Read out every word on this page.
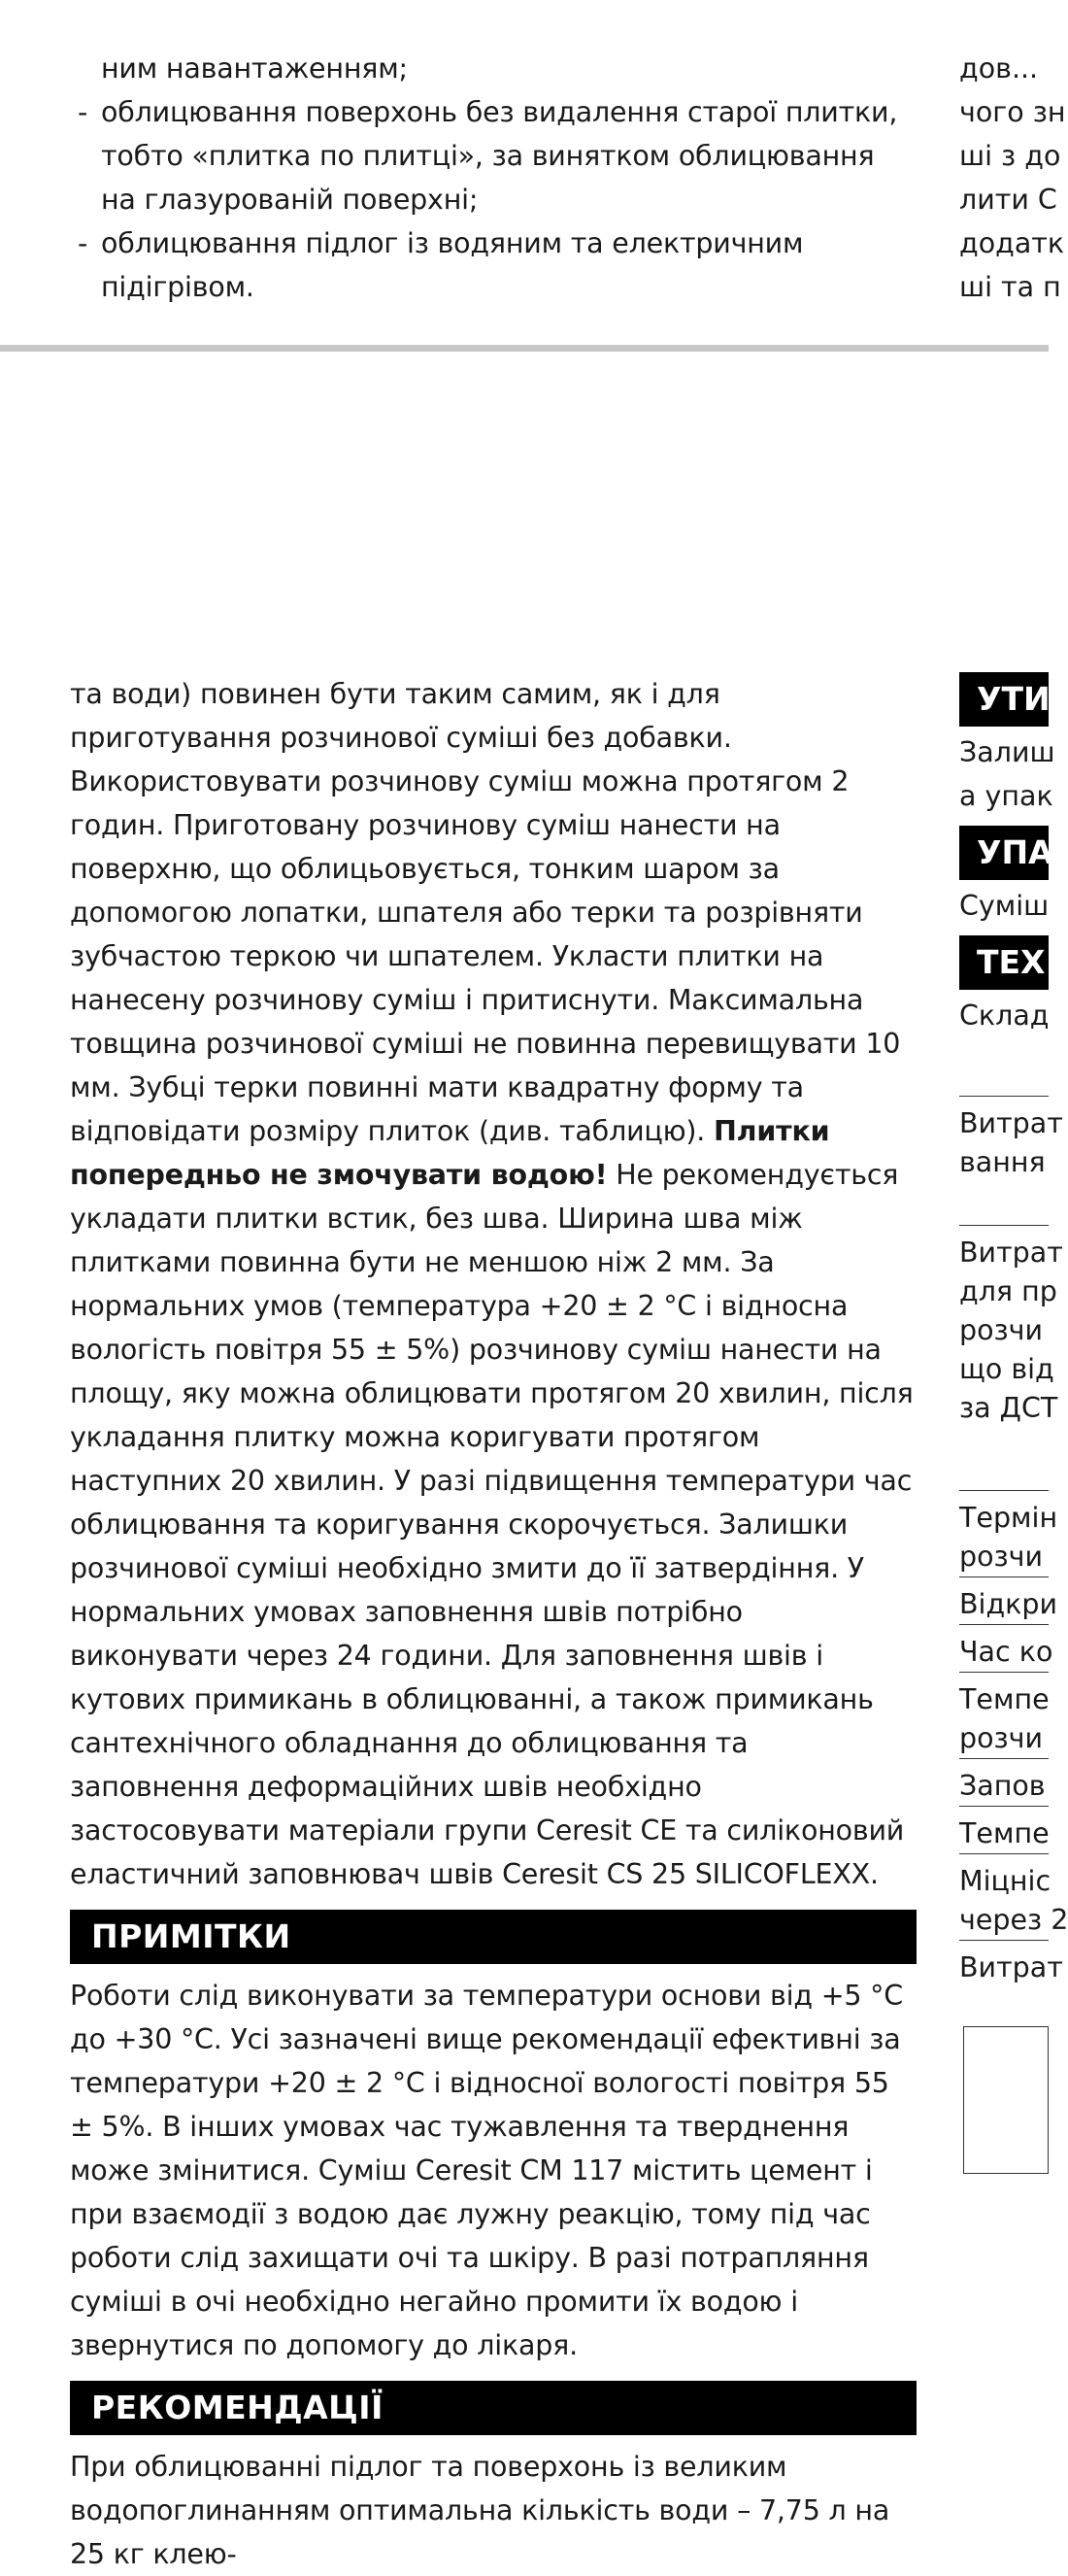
ним навантаженням;
- облицювання поверхонь без видалення старої плитки, тобто «плитка по плитці», за винятком облицювання на глазурованій поверхні;
- облицювання підлог із водяним та електричним підігрівом.
дов...
чого зн
ші з до
лити С
додатк
ші та п

та води) повинен бути таким самим, як і для приготування розчинової суміші без добавки. Використовувати розчинову суміш можна протягом 2 годин. Приготовану розчинову суміш нанести на поверхню, що облицьовується, тонким шаром за допомогою лопатки, шпателя або терки та розрівняти зубчастою теркою чи шпателем. Укласти плитки на нанесену розчинову суміш і притиснути. Максимальна товщина розчинової суміші не повинна перевищувати 10 мм. Зубці терки повинні мати квадратну форму та відповідати розміру плиток (див. таблицю). Плитки попередньо не змочувати водою! Не рекомендується укладати плитки встик, без шва. Ширина шва між плитками повинна бути не меншою ніж 2 мм. За нормальних умов (температура +20 ± 2 °C і відносна вологість повітря 55 ± 5%) розчинову суміш нанести на площу, яку можна облицювати протягом 20 хвилин, після укладання плитку можна коригувати протягом наступних 20 хвилин. У разі підвищення температури час облицювання та коригування скорочується. Залишки розчинової суміші необхідно змити до її затвердіння. У нормальних умовах заповнення швів потрібно виконувати через 24 години. Для заповнення швів і кутових примикань в облицюванні, а також примикань сантехнічного обладнання до облицювання та заповнення деформаційних швів необхідно застосовувати матеріали групи Ceresit CE та силіконовий еластичний заповнювач швів Ceresit CS 25 SILICOFLEXX.

ПРИМІТКИ

Роботи слід виконувати за температури основи від +5 °C до +30 °C. Усі зазначені вище рекомендації ефективні за температури +20 ± 2 °C і відносної вологості повітря 55 ± 5%. В інших умовах час тужавлення та тверднення може змінитися. Суміш Ceresit CM 117 містить цемент і при взаємодії з водою дає лужну реакцію, тому під час роботи слід захищати очі та шкіру. В разі потрапляння суміші в очі необхідно негайно промити їх водою і звернутися по допомогу до лікаря.

РЕКОМЕНДАЦІЇ

При облицюванні підлог та поверхонь із великим водопоглинанням оптимальна кількість води – 7,75 л на 25 кг клею-

УТИ
Залиш
а упак
УПА
Суміш
ТЕХ
Склад
Витрат
вання
Витрат
для пр
розчи
що від
за ДСТ
Термін
розчи
Відкри
Час ко
Темпе
розчи
Запов
Темпе
Міцніс
через 2
Витрат
